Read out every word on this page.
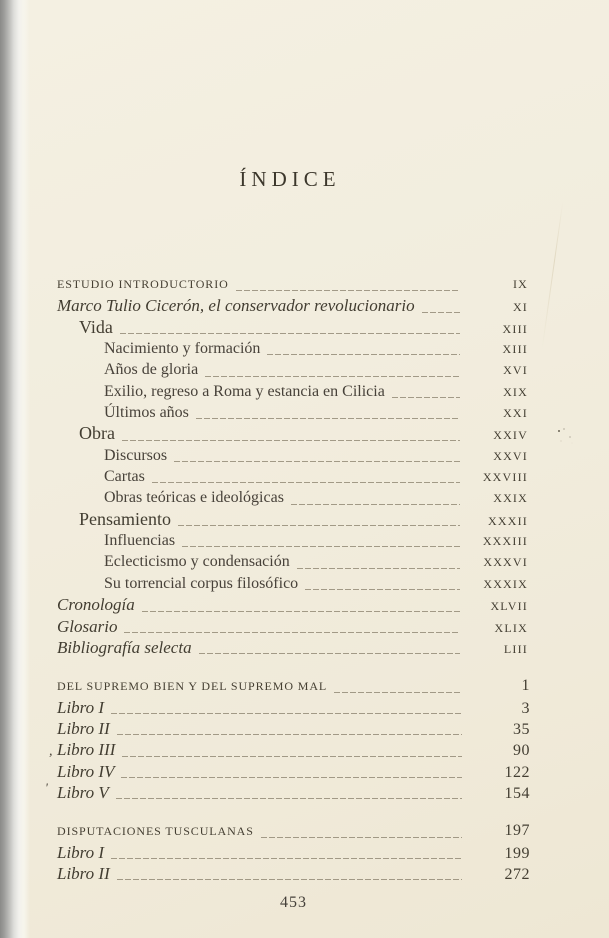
ÍNDICE
ESTUDIO INTRODUCTORIO	IX
Marco Tulio Cicerón, el conservador revolucionario	XI
Vida	XIII
Nacimiento y formación	XIII
Años de gloria	XVI
Exilio, regreso a Roma y estancia en Cilicia	XIX
Últimos años	XXI
Obra	XXIV
Discursos	XXVI
Cartas	XXVIII
Obras teóricas e ideológicas	XXIX
Pensamiento	XXXII
Influencias	XXXIII
Eclecticismo y condensación	XXXVI
Su torrencial corpus filosófico	XXXIX
Cronología	XLVII
Glosario	XLIX
Bibliografía selecta	LIII
DEL SUPREMO BIEN Y DEL SUPREMO MAL	1
Libro I	3
Libro II	35
Libro III	90
Libro IV	122
Libro V	154
DISPUTACIONES TUSCULANAS	197
Libro I	199
Libro II	272
,
'
453
